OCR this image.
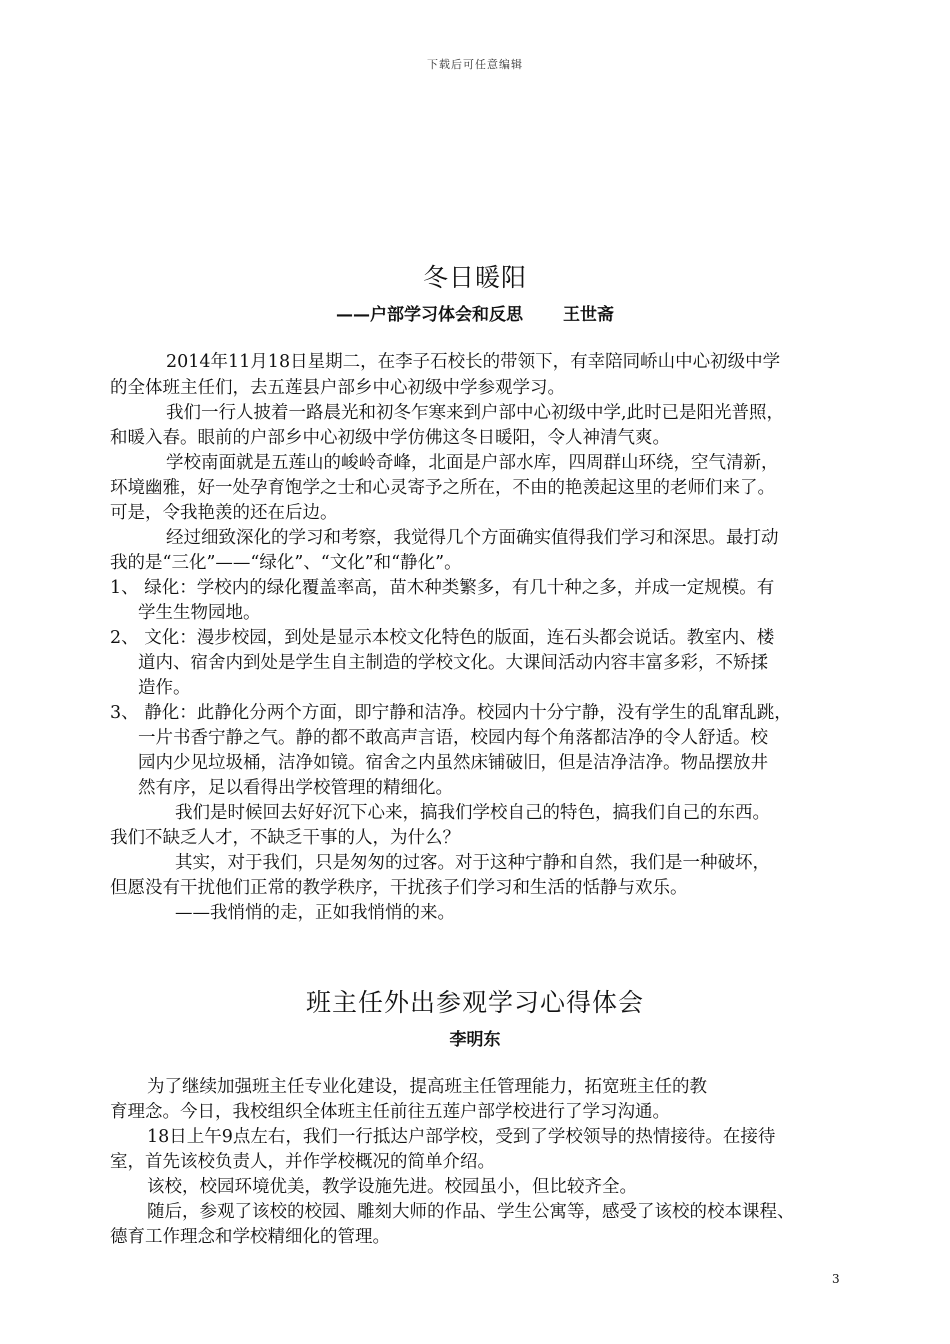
下载后可任意编辑
冬日暖阳
——户部学习体会和反思 王世斋
2014年11月18日星期二，在李子石校长的带领下，有幸陪同峤山中心初级中学
的全体班主任们，去五莲县户部乡中心初级中学参观学习。
我们一行人披着一路晨光和初冬乍寒来到户部中心初级中学,此时已是阳光普照，
和暖入春。眼前的户部乡中心初级中学仿佛这冬日暖阳，令人神清气爽。
学校南面就是五莲山的峻岭奇峰，北面是户部水库，四周群山环绕，空气清新，
环境幽雅，好一处孕育饱学之士和心灵寄予之所在，不由的艳羡起这里的老师们来了。
可是，令我艳羡的还在后边。
经过细致深化的学习和考察，我觉得几个方面确实值得我们学习和深思。最打动
我的是“三化”——“绿化”、“文化”和“静化”。
1、 绿化：学校内的绿化覆盖率高，苗木种类繁多，有几十种之多，并成一定规模。有
学生生物园地。
2、 文化：漫步校园，到处是显示本校文化特色的版面，连石头都会说话。教室内、楼
道内、宿舍内到处是学生自主制造的学校文化。大课间活动内容丰富多彩，不矫揉
造作。
3、 静化：此静化分两个方面，即宁静和洁净。校园内十分宁静，没有学生的乱窜乱跳，
一片书香宁静之气。静的都不敢高声言语，校园内每个角落都洁净的令人舒适。校
园内少见垃圾桶，洁净如镜。宿舍之内虽然床铺破旧，但是洁净洁净。物品摆放井
然有序，足以看得出学校管理的精细化。
我们是时候回去好好沉下心来，搞我们学校自己的特色，搞我们自己的东西。
我们不缺乏人才，不缺乏干事的人，为什么？
其实，对于我们，只是匆匆的过客。对于这种宁静和自然，我们是一种破坏，
但愿没有干扰他们正常的教学秩序，干扰孩子们学习和生活的恬静与欢乐。
——我悄悄的走，正如我悄悄的来。
班主任外出参观学习心得体会
李明东
为了继续加强班主任专业化建设，提高班主任管理能力，拓宽班主任的教
育理念。今日，我校组织全体班主任前往五莲户部学校进行了学习沟通。
18日上午9点左右，我们一行抵达户部学校，受到了学校领导的热情接待。在接待
室，首先该校负责人，并作学校概况的简单介绍。
该校，校园环境优美，教学设施先进。校园虽小，但比较齐全。
随后，参观了该校的校园、雕刻大师的作品、学生公寓等，感受了该校的校本课程、
德育工作理念和学校精细化的管理。
3
